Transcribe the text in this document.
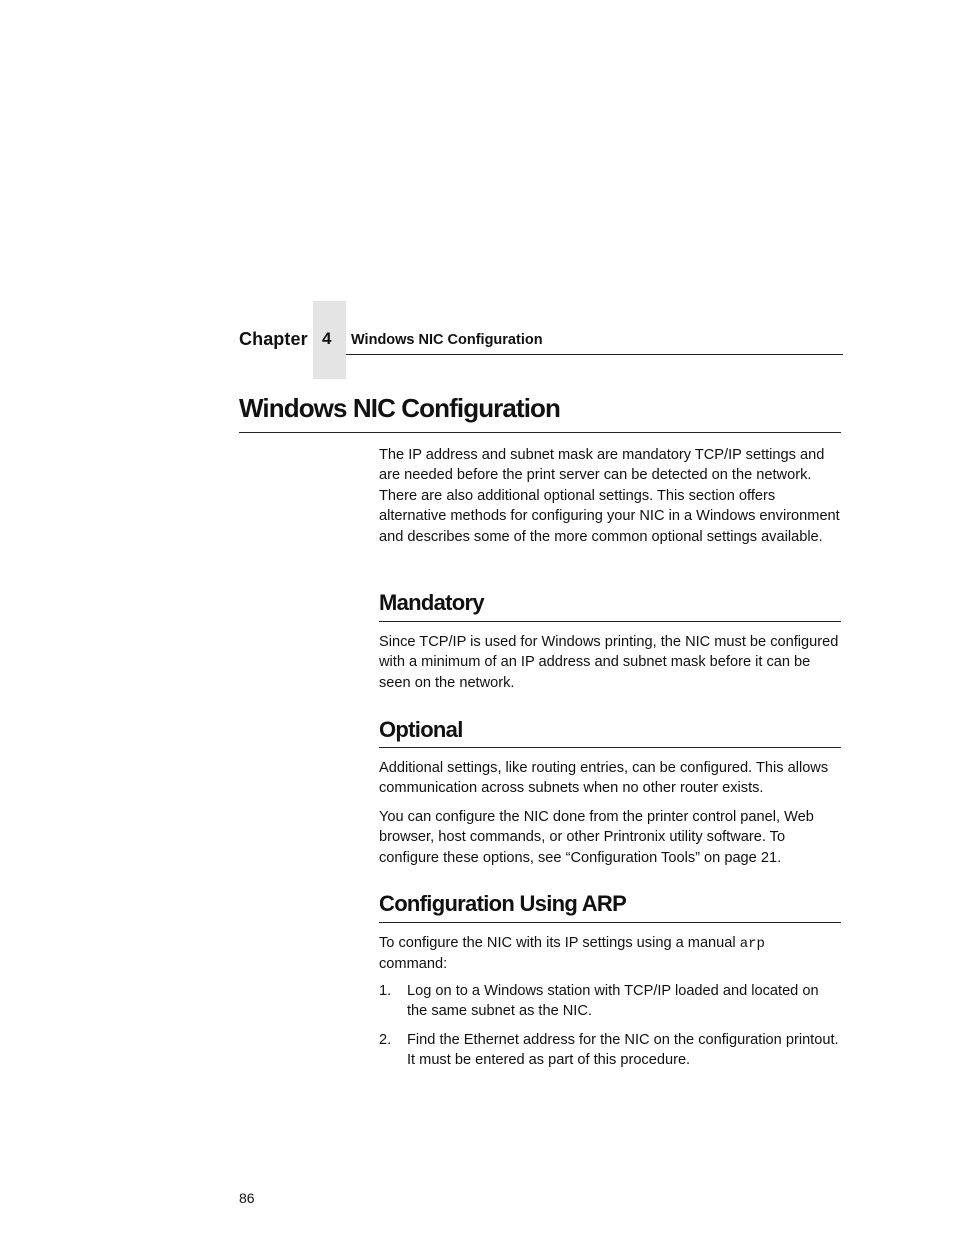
Chapter 4 Windows NIC Configuration
Windows NIC Configuration

The IP address and subnet mask are mandatory TCP/IP settings and are needed before the print server can be detected on the network. There are also additional optional settings. This section offers alternative methods for configuring your NIC in a Windows environment and describes some of the more common optional settings available.

Mandatory

Since TCP/IP is used for Windows printing, the NIC must be configured with a minimum of an IP address and subnet mask before it can be seen on the network.

Optional

Additional settings, like routing entries, can be configured. This allows communication across subnets when no other router exists.

You can configure the NIC done from the printer control panel, Web browser, host commands, or other Printronix utility software. To configure these options, see “Configuration Tools” on page 21.

Configuration Using ARP

To configure the NIC with its IP settings using a manual arp
command:

1. Log on to a Windows station with TCP/IP loaded and located on the same subnet as the NIC.
2. Find the Ethernet address for the NIC on the configuration printout. It must be entered as part of this procedure.
86
